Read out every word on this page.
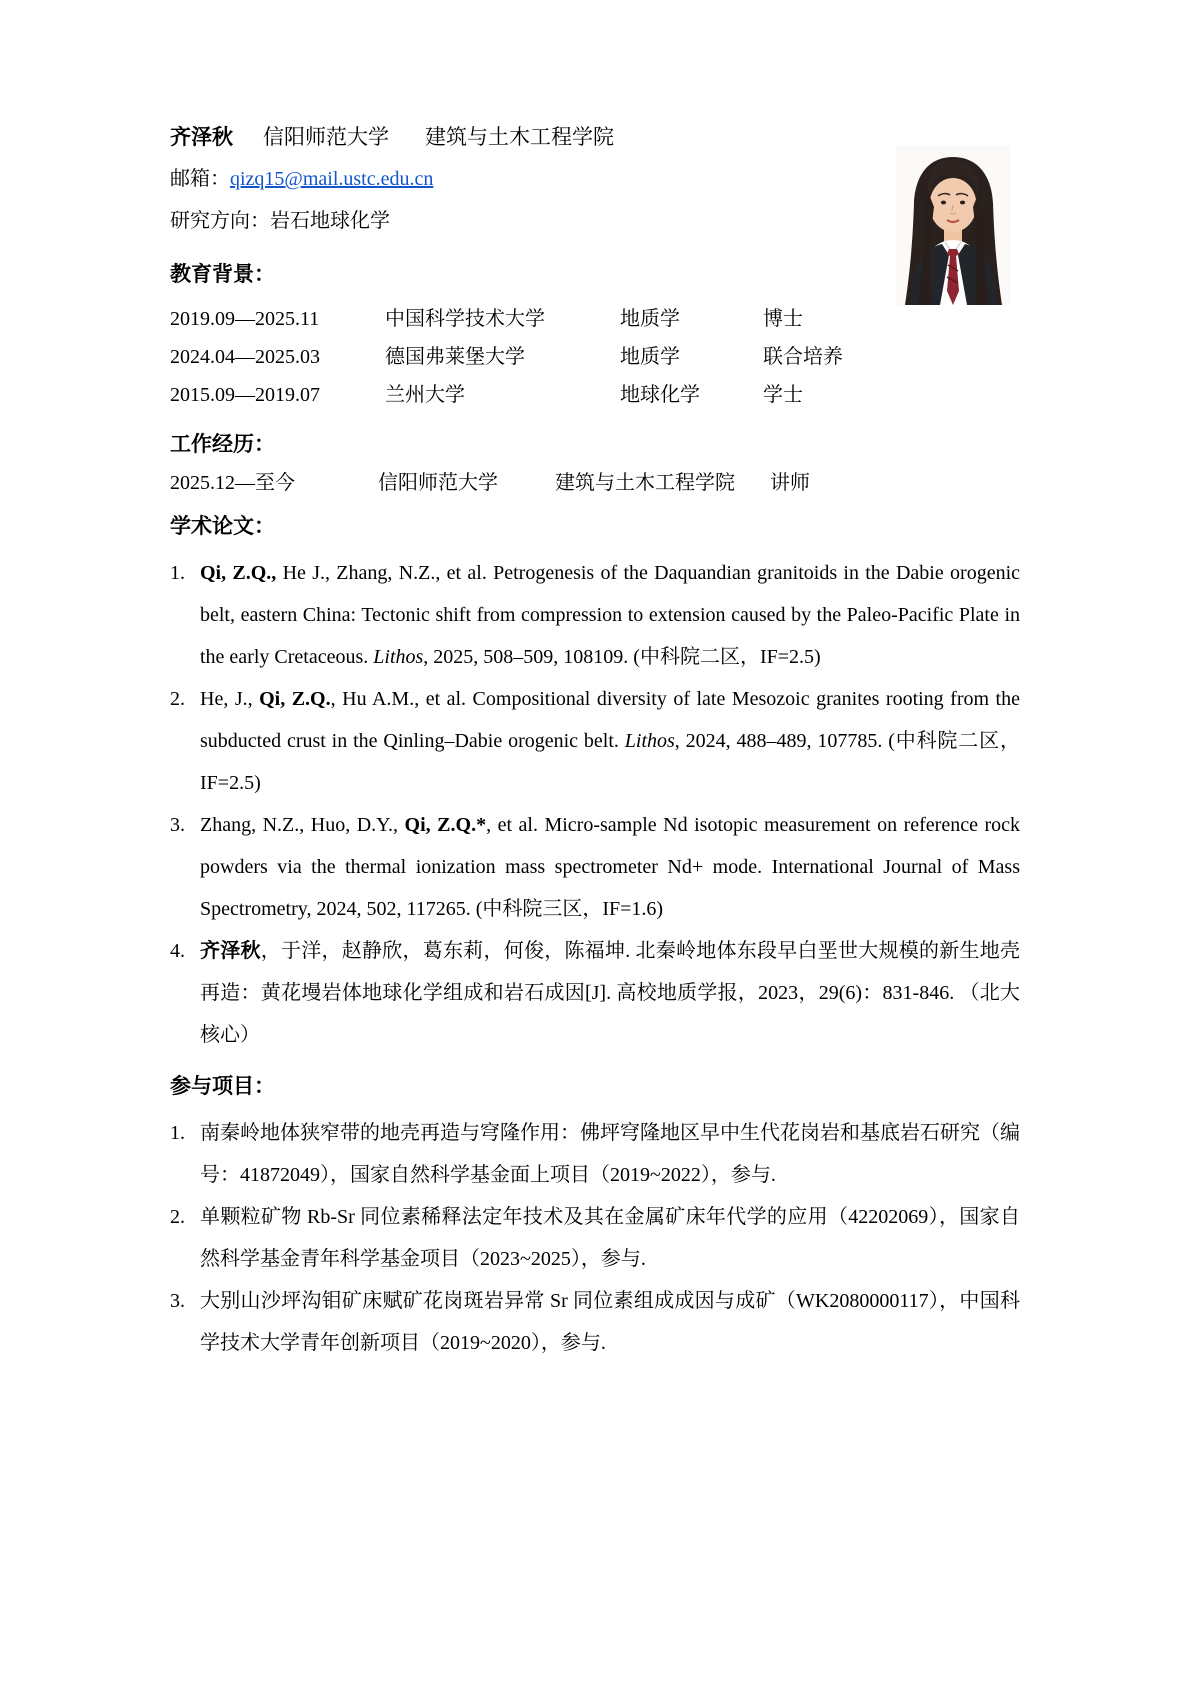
齐泽秋 信阳师范大学 建筑与土木工程学院
邮箱：qizq15@mail.ustc.edu.cn
研究方向：岩石地球化学
教育背景：
2019.09—2025.11	中国科学技术大学	地质学	博士
2024.04—2025.03	德国弗莱堡大学	地质学	联合培养
2015.09—2019.07	兰州大学	地球化学	学士
工作经历：
2025.12—至今	信阳师范大学	建筑与土木工程学院	讲师
学术论文：
1. Qi, Z.Q., He J., Zhang, N.Z., et al. Petrogenesis of the Daquandian granitoids in the Dabie orogenic belt, eastern China: Tectonic shift from compression to extension caused by the Paleo-Pacific Plate in the early Cretaceous. Lithos, 2025, 508–509, 108109. (中科院二区，IF=2.5)
2. He, J., Qi, Z.Q., Hu A.M., et al. Compositional diversity of late Mesozoic granites rooting from the subducted crust in the Qinling–Dabie orogenic belt. Lithos, 2024, 488–489, 107785. (中科院二区，IF=2.5)
3. Zhang, N.Z., Huo, D.Y., Qi, Z.Q.*, et al. Micro-sample Nd isotopic measurement on reference rock powders via the thermal ionization mass spectrometer Nd+ mode. International Journal of Mass Spectrometry, 2024, 502, 117265. (中科院三区，IF=1.6)
4. 齐泽秋，于洋，赵静欣，葛东莉，何俊，陈福坤. 北秦岭地体东段早白垩世大规模的新生地壳再造：黄花墁岩体地球化学组成和岩石成因[J]. 高校地质学报，2023，29(6)：831-846. （北大核心）
参与项目：
1. 南秦岭地体狭窄带的地壳再造与穹隆作用：佛坪穹隆地区早中生代花岗岩和基底岩石研究（编号：41872049），国家自然科学基金面上项目（2019~2022），参与.
2. 单颗粒矿物 Rb-Sr 同位素稀释法定年技术及其在金属矿床年代学的应用（42202069），国家自然科学基金青年科学基金项目（2023~2025），参与.
3. 大别山沙坪沟钼矿床赋矿花岗斑岩异常 Sr 同位素组成成因与成矿（WK2080000117），中国科学技术大学青年创新项目（2019~2020），参与.
